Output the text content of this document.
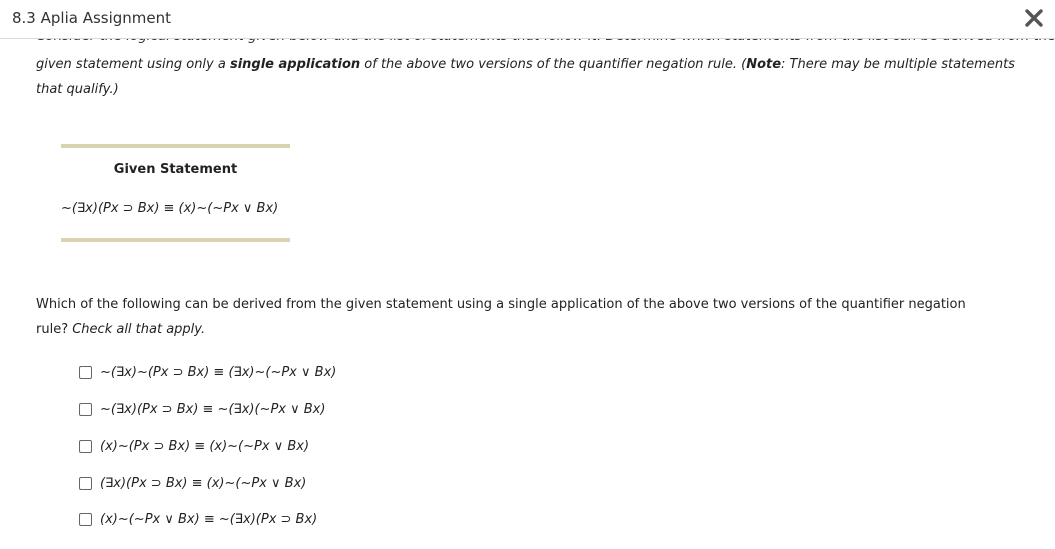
given statement using only a single application of the above two versions of the quantifier negation rule. (Note: There may be multiple statements that qualify.)
Given Statement
~(∃x)(Px ⊃ Bx) ≡ (x)~(~Px ∨ Bx)
Which of the following can be derived from the given statement using a single application of the above two versions of the quantifier negation rule? Check all that apply.
~(∃x)~(Px ⊃ Bx) ≡ (∃x)~(~Px ∨ Bx)
~(∃x)(Px ⊃ Bx) ≡ ~(∃x)(~Px ∨ Bx)
(x)~(Px ⊃ Bx) ≡ (x)~(~Px ∨ Bx)
(∃x)(Px ⊃ Bx) ≡ (x)~(~Px ∨ Bx)
(x)~(~Px ∨ Bx) ≡ ~(∃x)(Px ⊃ Bx)
8.3 Aplia Assignment
